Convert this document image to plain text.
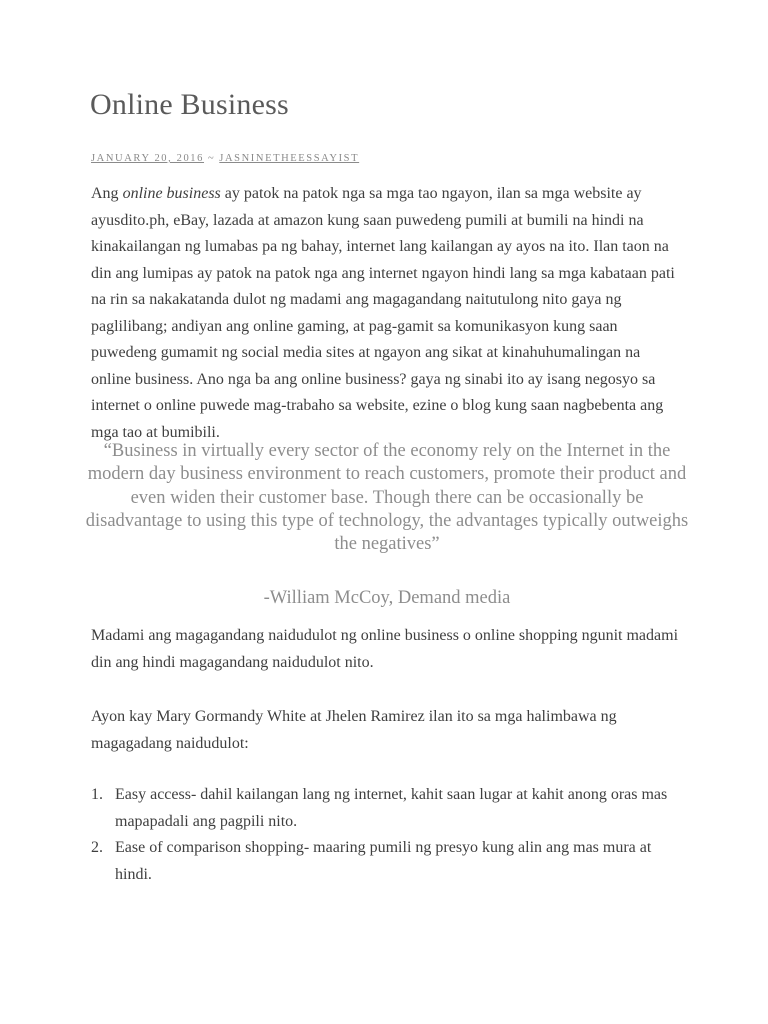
Online Business
JANUARY 20, 2016 ~ JASNINETHEESSAYIST

Ang online business ay patok na patok nga sa mga tao ngayon, ilan sa mga website ay ayusdito.ph, eBay, lazada at amazon kung saan puwedeng pumili at bumili na hindi na kinakailangan ng lumabas pa ng bahay, internet lang kailangan ay ayos na ito. Ilan taon na din ang lumipas ay patok na patok nga ang internet ngayon hindi lang sa mga kabataan pati na rin sa nakakatanda dulot ng madami ang magagandang naitutulong nito gaya ng paglilibang; andiyan ang online gaming, at pag-gamit sa komunikasyon kung saan puwedeng gumamit ng social media sites at ngayon ang sikat at kinahuhumalingan na online business. Ano nga ba ang online business? gaya ng sinabi ito ay isang negosyo sa internet o online puwede mag-trabaho sa website, ezine o blog kung saan nagbebenta ang mga tao at bumibili.

“Business in virtually every sector of the economy rely on the Internet in the modern day business environment to reach customers, promote their product and even widen their customer base. Though there can be occasionally be disadvantage to using this type of technology, the advantages typically outweighs the negatives”
-William McCoy, Demand media

Madami ang magagandang naidudulot ng online business o online shopping ngunit madami din ang hindi magagandang naidudulot nito.

Ayon kay Mary Gormandy White at Jhelen Ramirez ilan ito sa mga halimbawa ng magagadang naidudulot:

1. Easy access- dahil kailangan lang ng internet, kahit saan lugar at kahit anong oras mas mapapadali ang pagpili nito.
2. Ease of comparison shopping- maaring pumili ng presyo kung alin ang mas mura at hindi.
